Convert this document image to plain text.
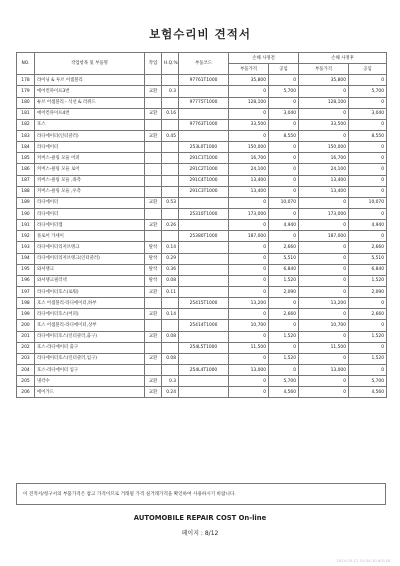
보험수리비 견적서
NO.	작업항목 및 부품명	작업	H.Q.%	부품코드	손해 사정전		손해 사정후	
					부품가격	공임	부품가격	공임
178	라이닝 & 투브 어셈블리			97761T1000	35,800	0	35,800	0
179	에어컨파이프3번	교환	0.3		0	5,700	0	5,700
180	튜브 어셈블리 - 석션 & 리퀴드			97775T1000	128,100	0	128,100	0
181	에어컨파이프4번	교환	0.16		0	3,040	0	3,040
182	호스			97763T1000	33,500	0	33,500	0
183	라디에이터(인터쿨러)	교환	0.45		0	8,550	0	8,550
184	라디에이터			253L0T1000	150,000	0	150,000	0
185	커버스-클링 모듈 어퍼			291C1T1000	16,700	0	16,700	0
186	커버스-클링 모듈 로어			291C2T1000	24,100	0	24,100	0
187	커버스-클링 모듈 ,좌측			291C4T1000	13,400	0	13,400	0
188	커버스-클링 모듈 ,우측			291C3T1000	13,400	0	13,400	0
189	라디에이터	교환	0.53		0	10,070	0	10,070
190	라디에이터			25310T1000	173,000	0	173,000	0
191	라디에이터캡	교환	0.26		0	4,940	0	4,940
192	플로어 가세이			25380T1000	187,000	0	187,000	0
193	라디에이터리저브탱크	탈착	0.14		0	2,660	0	2,660
194	라디에이터리저브탱크(인터쿨러)	탈착	0.29		0	5,510	0	5,510
195	와셔탱크	탈착	0.36		0	6,840	0	6,840
196	와셔탱크필러넥	탈착	0.08		0	1,520	0	1,520
197	라디에이터호스(로워)	교환	0.11		0	2,090	0	2,090
198	호스 어셈블리-라디에이터,하부			25415T1000	13,200	0	13,200	0
199	라디에이터호스(어퍼)	교환	0.14		0	2,660	0	2,660
200	호스 어셈블리-라디에이터,상부			25414T1000	10,700	0	10,700	0
201	라디에이터호스(인터쿨러,출구)	교환	0.08		0	1,520	0	1,520
202	호스-라디에이터 출구			254L5T1000	11,500	0	11,500	0
203	라디에이터호스(인터쿨러,입구)	교환	0.08		0	1,520	0	1,520
204	호스-라디에이터 입구			254L4T1000	13,000	0	13,000	0
205	냉각수	교환	0.3		0	5,700	0	5,700
206	에어가드	교환	0.24		0	4,560	0	4,560
이 견적서/청구서의 부품가격은 참고 가격이므로 거래될 가격 실거래가격을 확인하여 사용하시기 바랍니다.
AUTOMOBILE REPAIR COST On-line
페이지 : 8/12
2024-05-17 10:34:10 80118
